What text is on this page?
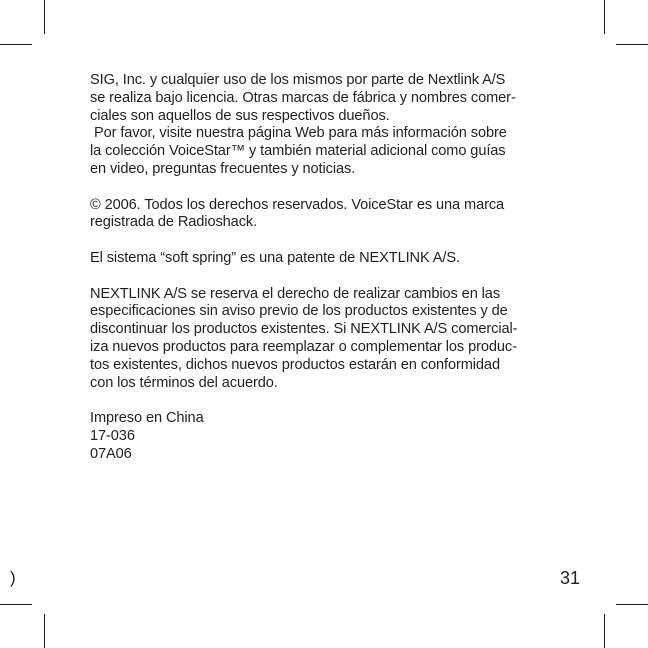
SIG, Inc. y cualquier uso de los mismos por parte de Nextlink A/S
se realiza bajo licencia. Otras marcas de fábrica y nombres comer-
ciales son aquellos de sus respectivos dueños.
Por favor, visite nuestra página Web para más información sobre
la colección VoiceStar™ y también material adicional como guías
en video, preguntas frecuentes y noticias.

© 2006. Todos los derechos reservados. VoiceStar es una marca
registrada de Radioshack.

El sistema “soft spring” es una patente de NEXTLINK A/S.

NEXTLINK A/S se reserva el derecho de realizar cambios en las
especificaciones sin aviso previo de los productos existentes y de
discontinuar los productos existentes. Si NEXTLINK A/S comercial-
iza nuevos productos para reemplazar o complementar los produc-
tos existentes, dichos nuevos productos estarán en conformidad
con los términos del acuerdo.

Impreso en China
17-036
07A06

)	31
